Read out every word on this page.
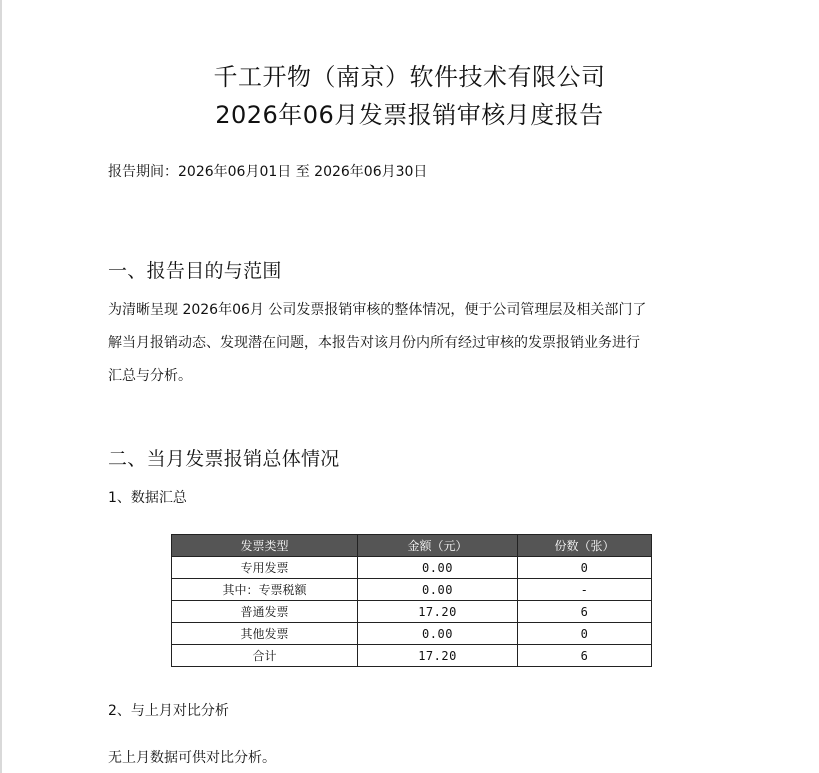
千工开物（南京）软件技术有限公司
2026年06月发票报销审核月度报告
报告期间：2026年06月01日 至 2026年06月30日
一、报告目的与范围
为清晰呈现 2026年06月 公司发票报销审核的整体情况，便于公司管理层及相关部门了
解当月报销动态、发现潜在问题，本报告对该月份内所有经过审核的发票报销业务进行
汇总与分析。
二、当月发票报销总体情况
1、数据汇总
发票类型	金额（元）	份数（张）
专用发票	0.00	0
其中：专票税额	0.00	-
普通发票	17.20	6
其他发票	0.00	0
合计	17.20	6
2、与上月对比分析
无上月数据可供对比分析。
